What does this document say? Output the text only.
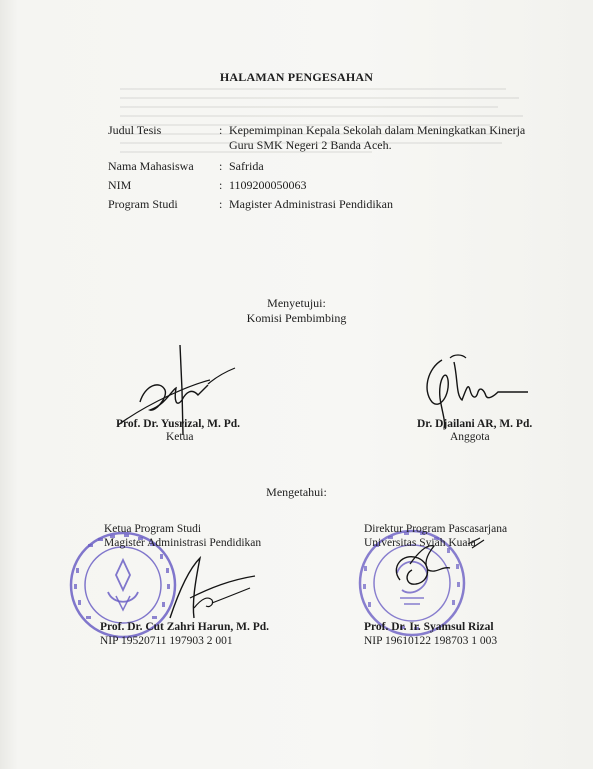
HALAMAN PENGESAHAN
Judul Tesis	: Kepemimpinan Kepala Sekolah dalam Meningkatkan Kinerja Guru SMK Negeri 2 Banda Aceh.
Nama Mahasiswa	: Safrida
NIM	: 1109200050063
Program Studi	: Magister Administrasi Pendidikan
Menyetujui:
Komisi Pembimbing
Prof. Dr. Yusrizal, M. Pd.
Ketua
Dr. Djailani AR, M. Pd.
Anggota
Mengetahui:
Ketua Program Studi
Magister Administrasi Pendidikan
Prof. Dr. Cut Zahri Harun, M. Pd.
NIP 19520711 197903 2 001
Direktur Program Pascasarjana
Universitas Syiah Kuala
Prof. Dr. Ir. Syamsul Rizal
NIP 19610122 198703 1 003
